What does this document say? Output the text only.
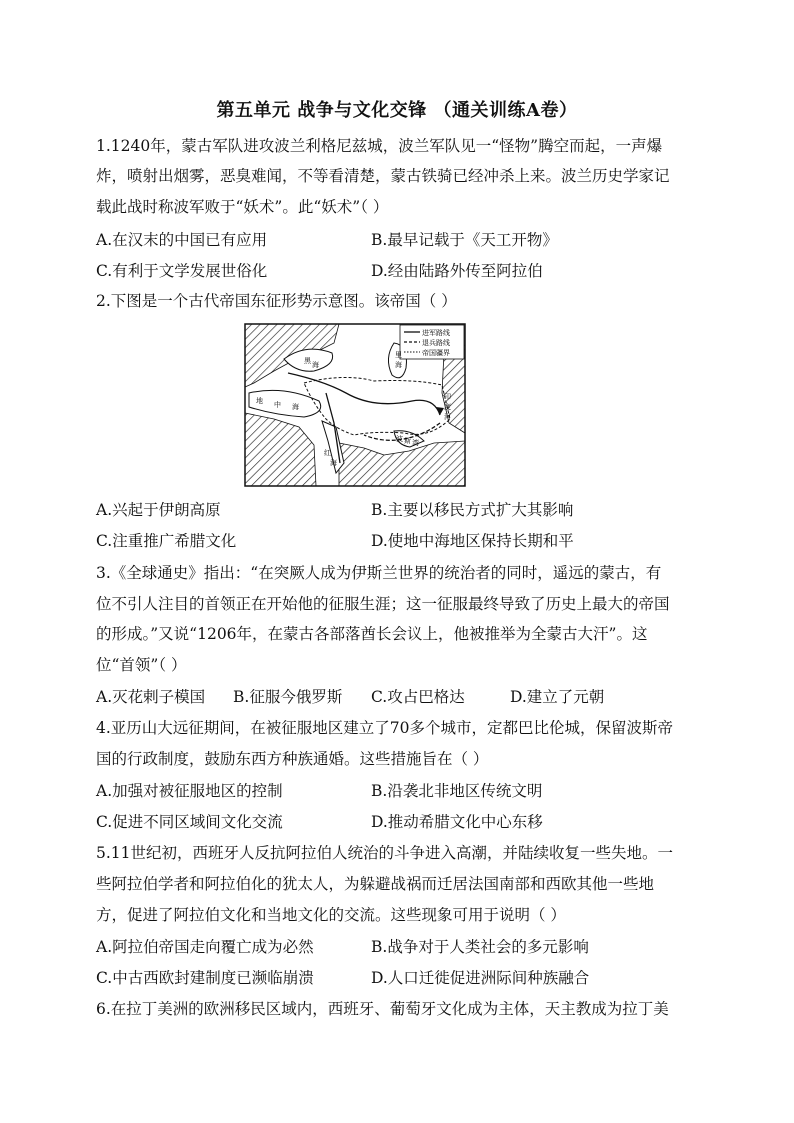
第五单元 战争与文化交锋 （通关训练A卷）
1.1240年，蒙古军队进攻波兰利格尼兹城，波兰军队见一“怪物”腾空而起，一声爆
炸，喷射出烟雾，恶臭难闻，不等看清楚，蒙古铁骑已经冲杀上来。波兰历史学家记
载此战时称波军败于“妖术”。此“妖术”（ ）
A.在汉末的中国已有应用	B.最早记载于《天工开物》
C.有利于文学发展世俗化	D.经由陆路外传至阿拉伯
2.下图是一个古代帝国东征形势示意图。该帝国（ ）
进军路线
退兵路线
帝国疆界
黑 海
里
海
地 中 海
红
海
波 斯 湾
印
度
河
A.兴起于伊朗高原	B.主要以移民方式扩大其影响
C.注重推广希腊文化	D.使地中海地区保持长期和平
3.《全球通史》指出：“在突厥人成为伊斯兰世界的统治者的同时，遥远的蒙古，有
位不引人注目的首领正在开始他的征服生涯；这一征服最终导致了历史上最大的帝国
的形成。”又说“1206年，在蒙古各部落酋长会议上，他被推举为全蒙古大汗”。这
位“首领”（ ）
A.灭花剌子模国 B.征服今俄罗斯 C.攻占巴格达	D.建立了元朝
4.亚历山大远征期间，在被征服地区建立了70多个城市，定都巴比伦城，保留波斯帝
国的行政制度，鼓励东西方种族通婚。这些措施旨在（ ）
A.加强对被征服地区的控制	B.沿袭北非地区传统文明
C.促进不同区域间文化交流	D.推动希腊文化中心东移
5.11世纪初，西班牙人反抗阿拉伯人统治的斗争进入高潮，并陆续收复一些失地。一
些阿拉伯学者和阿拉伯化的犹太人，为躲避战祸而迁居法国南部和西欧其他一些地
方，促进了阿拉伯文化和当地文化的交流。这些现象可用于说明（ ）
A.阿拉伯帝国走向覆亡成为必然	B.战争对于人类社会的多元影响
C.中古西欧封建制度已濒临崩溃	D.人口迁徙促进洲际间种族融合
6.在拉丁美洲的欧洲移民区域内，西班牙、葡萄牙文化成为主体，天主教成为拉丁美
